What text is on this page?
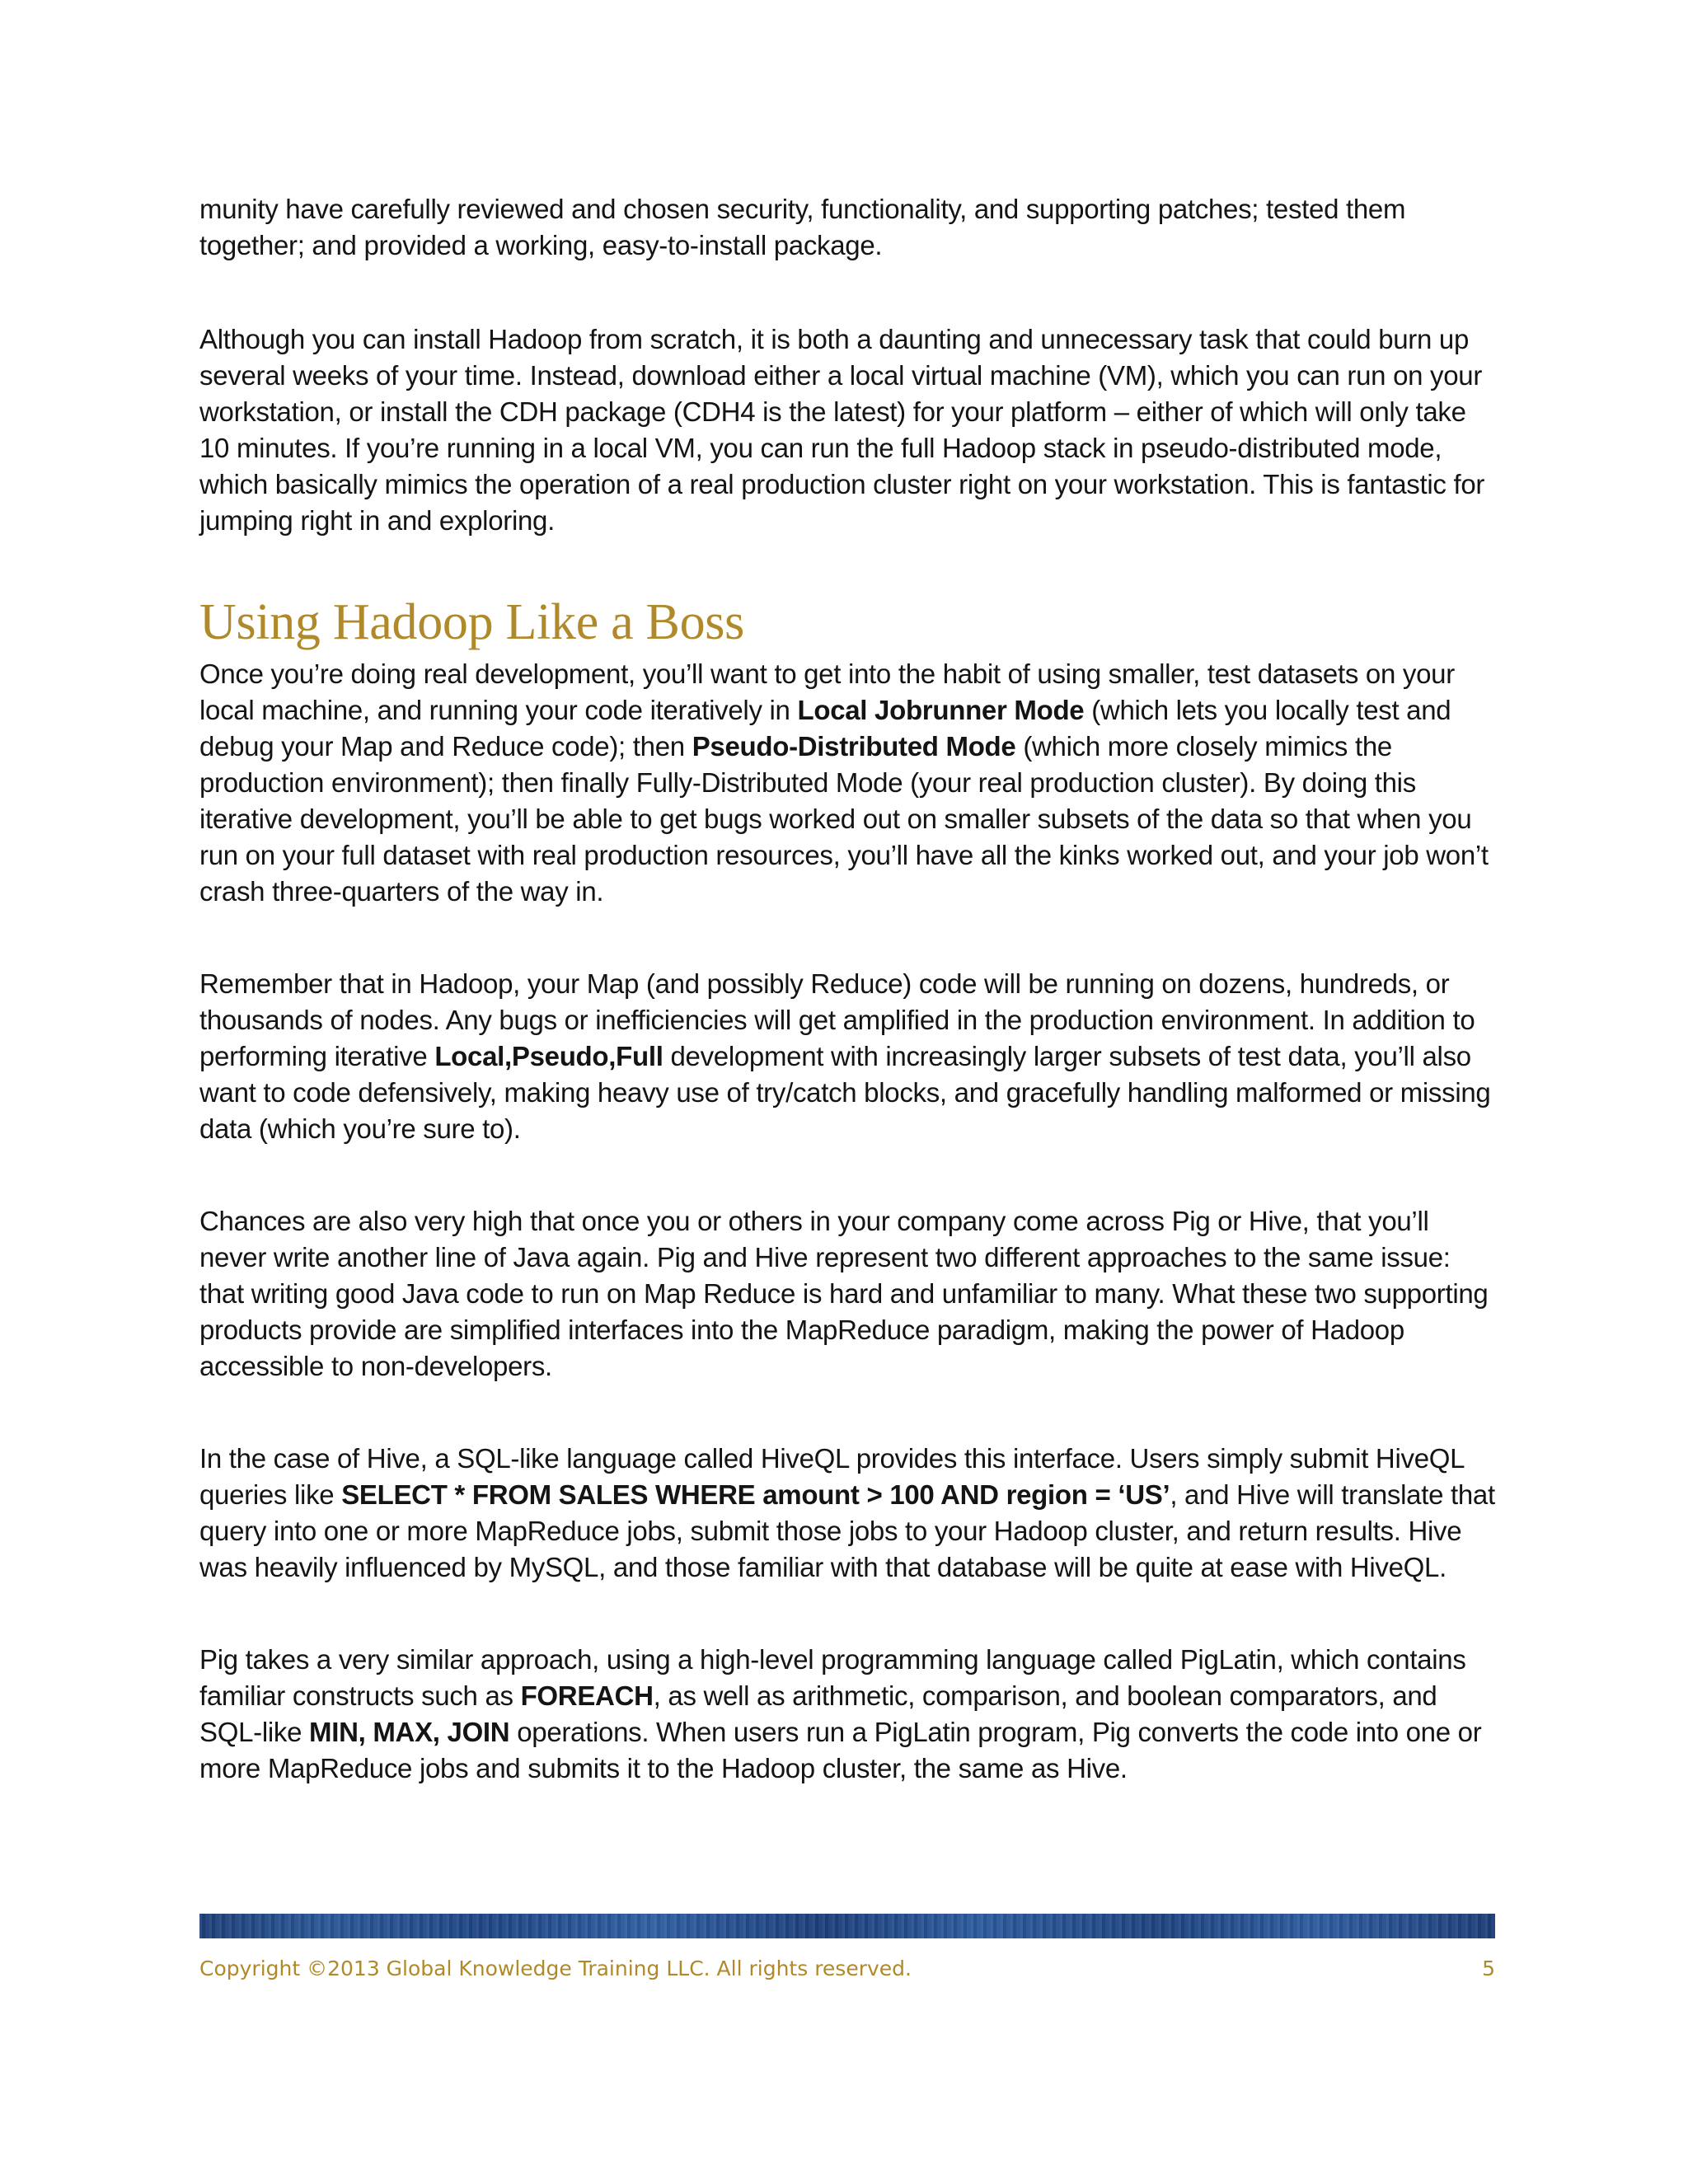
munity have carefully reviewed and chosen security, functionality, and supporting patches; tested them together; and provided a working, easy-to-install package.

Although you can install Hadoop from scratch, it is both a daunting and unnecessary task that could burn up several weeks of your time. Instead, download either a local virtual machine (VM), which you can run on your workstation, or install the CDH package (CDH4 is the latest) for your platform – either of which will only take 10 minutes. If you’re running in a local VM, you can run the full Hadoop stack in pseudo-distributed mode, which basically mimics the operation of a real production cluster right on your workstation. This is fantastic for jumping right in and exploring.

Using Hadoop Like a Boss

Once you’re doing real development, you’ll want to get into the habit of using smaller, test datasets on your local machine, and running your code iteratively in Local Jobrunner Mode (which lets you locally test and debug your Map and Reduce code); then Pseudo-Distributed Mode (which more closely mimics the production environment); then finally Fully-Distributed Mode (your real production cluster). By doing this iterative development, you’ll be able to get bugs worked out on smaller subsets of the data so that when you run on your full dataset with real production resources, you’ll have all the kinks worked out, and your job won’t crash three-quarters of the way in.

Remember that in Hadoop, your Map (and possibly Reduce) code will be running on dozens, hundreds, or thousands of nodes. Any bugs or inefficiencies will get amplified in the production environment. In addition to performing iterative Local,Pseudo,Full development with increasingly larger subsets of test data, you’ll also want to code defensively, making heavy use of try/catch blocks, and gracefully handling malformed or missing data (which you’re sure to).

Chances are also very high that once you or others in your company come across Pig or Hive, that you’ll never write another line of Java again. Pig and Hive represent two different approaches to the same issue: that writing good Java code to run on Map Reduce is hard and unfamiliar to many. What these two supporting products provide are simplified interfaces into the MapReduce paradigm, making the power of Hadoop accessible to non-developers.

In the case of Hive, a SQL-like language called HiveQL provides this interface. Users simply submit HiveQL queries like SELECT * FROM SALES WHERE amount > 100 AND region = ‘US’, and Hive will translate that query into one or more MapReduce jobs, submit those jobs to your Hadoop cluster, and return results. Hive was heavily influenced by MySQL, and those familiar with that database will be quite at ease with HiveQL.

Pig takes a very similar approach, using a high-level programming language called PigLatin, which contains familiar constructs such as FOREACH, as well as arithmetic, comparison, and boolean comparators, and SQL-like MIN, MAX, JOIN operations. When users run a PigLatin program, Pig converts the code into one or more MapReduce jobs and submits it to the Hadoop cluster, the same as Hive.

Copyright ©2013 Global Knowledge Training LLC. All rights reserved.	5
